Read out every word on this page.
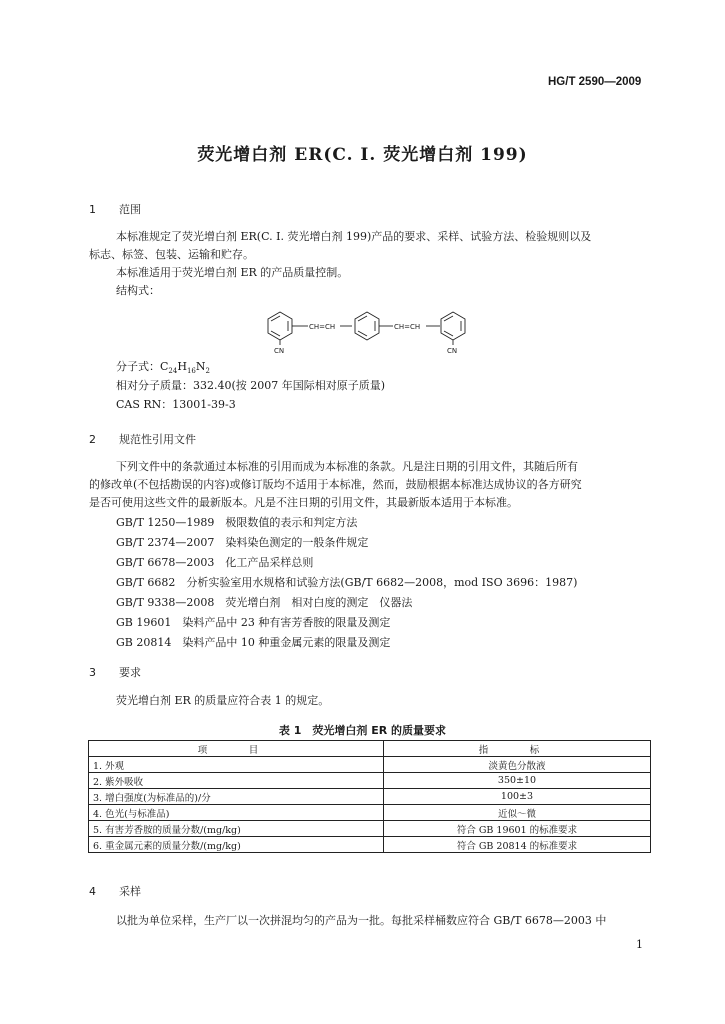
HG/T 2590—2009
荧光增白剂 ER(C. I. 荧光增白剂 199)
1 范围
本标准规定了荧光增白剂 ER(C. I. 荧光增白剂 199)产品的要求、采样、试验方法、检验规则以及
标志、标签、包装、运输和贮存。
本标准适用于荧光增白剂 ER 的产品质量控制。
结构式：
CH=CH	CH=CH
CN	CN
分子式：$C_{24}H_{16}N_2$
相对分子质量：332.40(按 2007 年国际相对原子质量)
CAS RN：13001-39-3
2 规范性引用文件
下列文件中的条款通过本标准的引用而成为本标准的条款。凡是注日期的引用文件，其随后所有
的修改单(不包括勘误的内容)或修订版均不适用于本标准，然而，鼓励根据本标准达成协议的各方研究
是否可使用这些文件的最新版本。凡是不注日期的引用文件，其最新版本适用于本标准。
GB/T 1250—1989　极限数值的表示和判定方法
GB/T 2374—2007　染料染色测定的一般条件规定
GB/T 6678—2003　化工产品采样总则
GB/T 6682　分析实验室用水规格和试验方法(GB/T 6682—2008，mod ISO 3696：1987)
GB/T 9338—2008　荧光增白剂　相对白度的测定　仪器法
GB 19601　染料产品中 23 种有害芳香胺的限量及测定
GB 20814　染料产品中 10 种重金属元素的限量及测定
3 要求
荧光增白剂 ER 的质量应符合表 1 的规定。
表 1　荧光增白剂 ER 的质量要求
项　目	指　标
1. 外观	淡黄色分散液
2. 紫外吸收	350±10
3. 增白强度(为标准品的)/分	100±3
4. 色光(与标准品)	近似～微
5. 有害芳香胺的质量分数/(mg/kg)	符合 GB 19601 的标准要求
6. 重金属元素的质量分数/(mg/kg)	符合 GB 20814 的标准要求
4 采样
以批为单位采样，生产厂以一次拼混均匀的产品为一批。每批采样桶数应符合 GB/T 6678—2003 中
1
